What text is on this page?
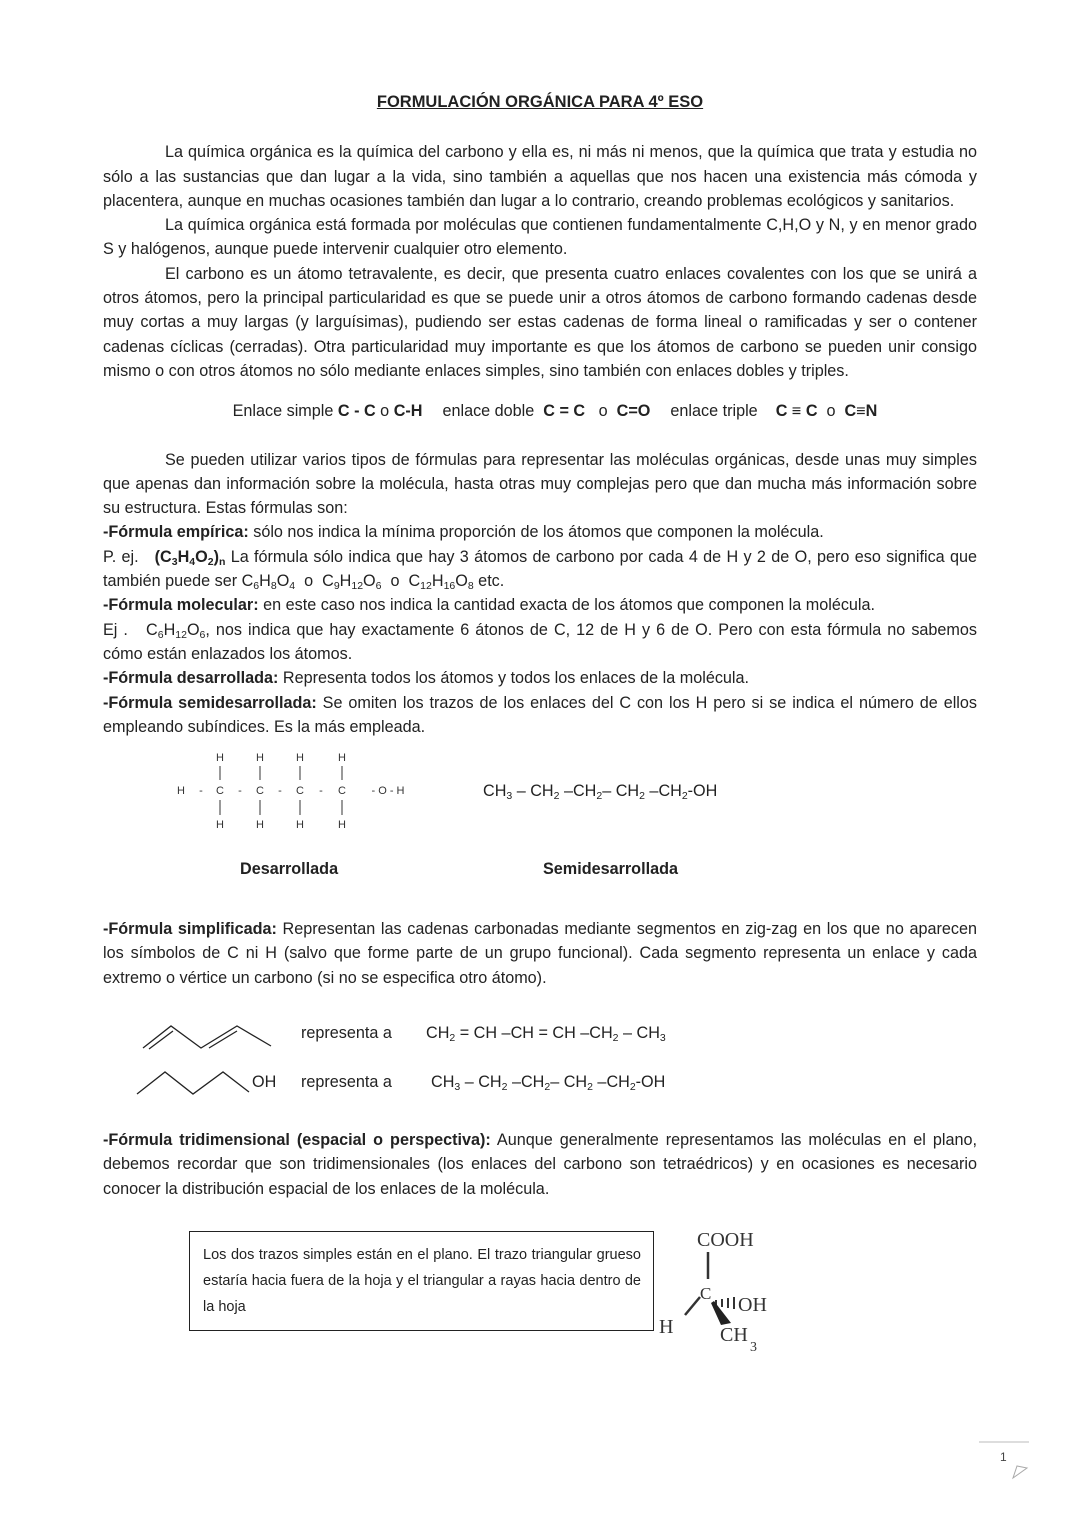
FORMULACIÓN ORGÁNICA PARA 4º ESO

La química orgánica es la química del carbono y ella es, ni más ni menos, que la química que trata y estudia no sólo a las sustancias que dan lugar a la vida, sino también a aquellas que nos hacen una existencia más cómoda y placentera, aunque en muchas ocasiones también dan lugar a lo contrario, creando problemas ecológicos y sanitarios.

La química orgánica está formada por moléculas que contienen fundamentalmente C,H,O y N, y en menor grado S y halógenos, aunque puede intervenir cualquier otro elemento.

El carbono es un átomo tetravalente, es decir, que presenta cuatro enlaces covalentes con los que se unirá a otros átomos, pero la principal particularidad es que se puede unir a otros átomos de carbono formando cadenas desde muy cortas a muy largas (y larguísimas), pudiendo ser estas cadenas de forma lineal o ramificadas y ser o contener cadenas cíclicas (cerradas). Otra particularidad muy importante es que los átomos de carbono se pueden unir consigo mismo o con otros átomos no sólo mediante enlaces simples, sino también con enlaces dobles y triples.

Enlace simple C - C o C-H enlace doble C = C o C=O enlace triple C ≡ C o C≡N

Se pueden utilizar varios tipos de fórmulas para representar las moléculas orgánicas, desde unas muy simples que apenas dan información sobre la molécula, hasta otras muy complejas pero que dan mucha más información sobre su estructura. Estas fórmulas son:

-Fórmula empírica: sólo nos indica la mínima proporción de los átomos que componen la molécula.

P. ej. $(C_3H_4O_2)_n$ La fórmula sólo indica que hay 3 átomos de carbono por cada 4 de H y 2 de O, pero eso significa que también puede ser $C_6H_8O_4$  o  $C_9H_{12}O_6$  o  $C_{12}H_{16}O_8$ etc.

-Fórmula molecular: en este caso nos indica la cantidad exacta de los átomos que componen la molécula.

Ej .   $C_6H_{12}O_6$, nos indica que hay exactamente 6 átonos de C, 12 de H y 6 de O. Pero con esta fórmula no sabemos cómo están enlazados los átomos.

-Fórmula desarrollada: Representa todos los átomos y todos los enlaces de la molécula.

-Fórmula semidesarrollada: Se omiten los trazos de los enlaces del C con los H pero si se indica el número de ellos empleando subíndices. Es la más empleada.

H	H	H	H
H	H	H	H
H - C - C - C - C - O - H
Desarrollada
$CH_3 - CH_2$ $-CH_2-$ $CH_2$ $-CH_2-OH$
Semidesarrollada

-Fórmula simplificada: Representan las cadenas carbonadas mediante segmentos en zig-zag en los que no aparecen los símbolos de C ni H (salvo que forme parte de un grupo funcional). Cada segmento representa un enlace y cada extremo o vértice un carbono (si no se especifica otro átomo).

representa a $CH_2$ = CH –CH = CH $-CH_2 - CH_3$
OH representa a $CH_3 - CH_2$ $-CH_2-$ $CH_2$ $-CH_2-OH$

-Fórmula tridimensional (espacial o perspectiva): Aunque generalmente representamos las moléculas en el plano, debemos recordar que son tridimensionales (los enlaces del carbono son tetraédricos) y en ocasiones es necesario conocer la distribución espacial de los enlaces de la molécula.

Los dos trazos simples están en el plano. El trazo triangular grueso estaría hacia fuera de la hoja y el triangular a rayas hacia dentro de la hoja
COOH
C
OH
H CH
3
1
